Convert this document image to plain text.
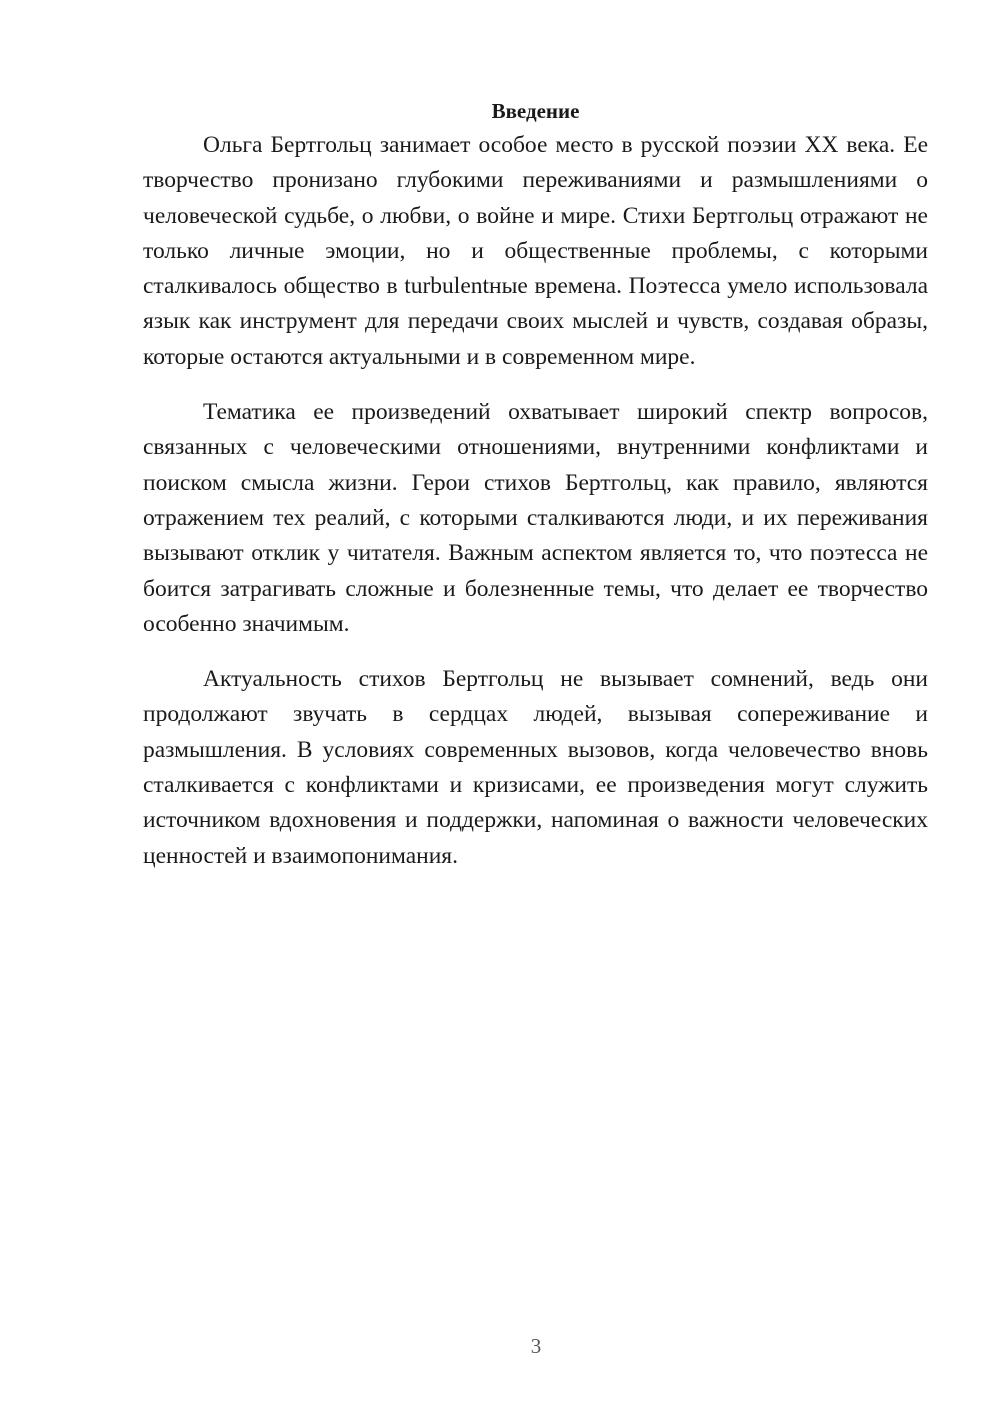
Введение

Ольга Бертгольц занимает особое место в русской поэзии XX века. Ее творчество пронизано глубокими переживаниями и размышлениями о человеческой судьбе, о любви, о войне и мире. Стихи Бертгольц отражают не только личные эмоции, но и общественные проблемы, с которыми сталкивалось общество в turbulentные времена. Поэтесса умело использовала язык как инструмент для передачи своих мыслей и чувств, создавая образы, которые остаются актуальными и в современном мире.

Тематика ее произведений охватывает широкий спектр вопросов, связанных с человеческими отношениями, внутренними конфликтами и поиском смысла жизни. Герои стихов Бертгольц, как правило, являются отражением тех реалий, с которыми сталкиваются люди, и их переживания вызывают отклик у читателя. Важным аспектом является то, что поэтесса не боится затрагивать сложные и болезненные темы, что делает ее творчество особенно значимым.

Актуальность стихов Бертгольц не вызывает сомнений, ведь они продолжают звучать в сердцах людей, вызывая сопереживание и размышления. В условиях современных вызовов, когда человечество вновь сталкивается с конфликтами и кризисами, ее произведения могут служить источником вдохновения и поддержки, напоминая о важности человеческих ценностей и взаимопонимания.

3
